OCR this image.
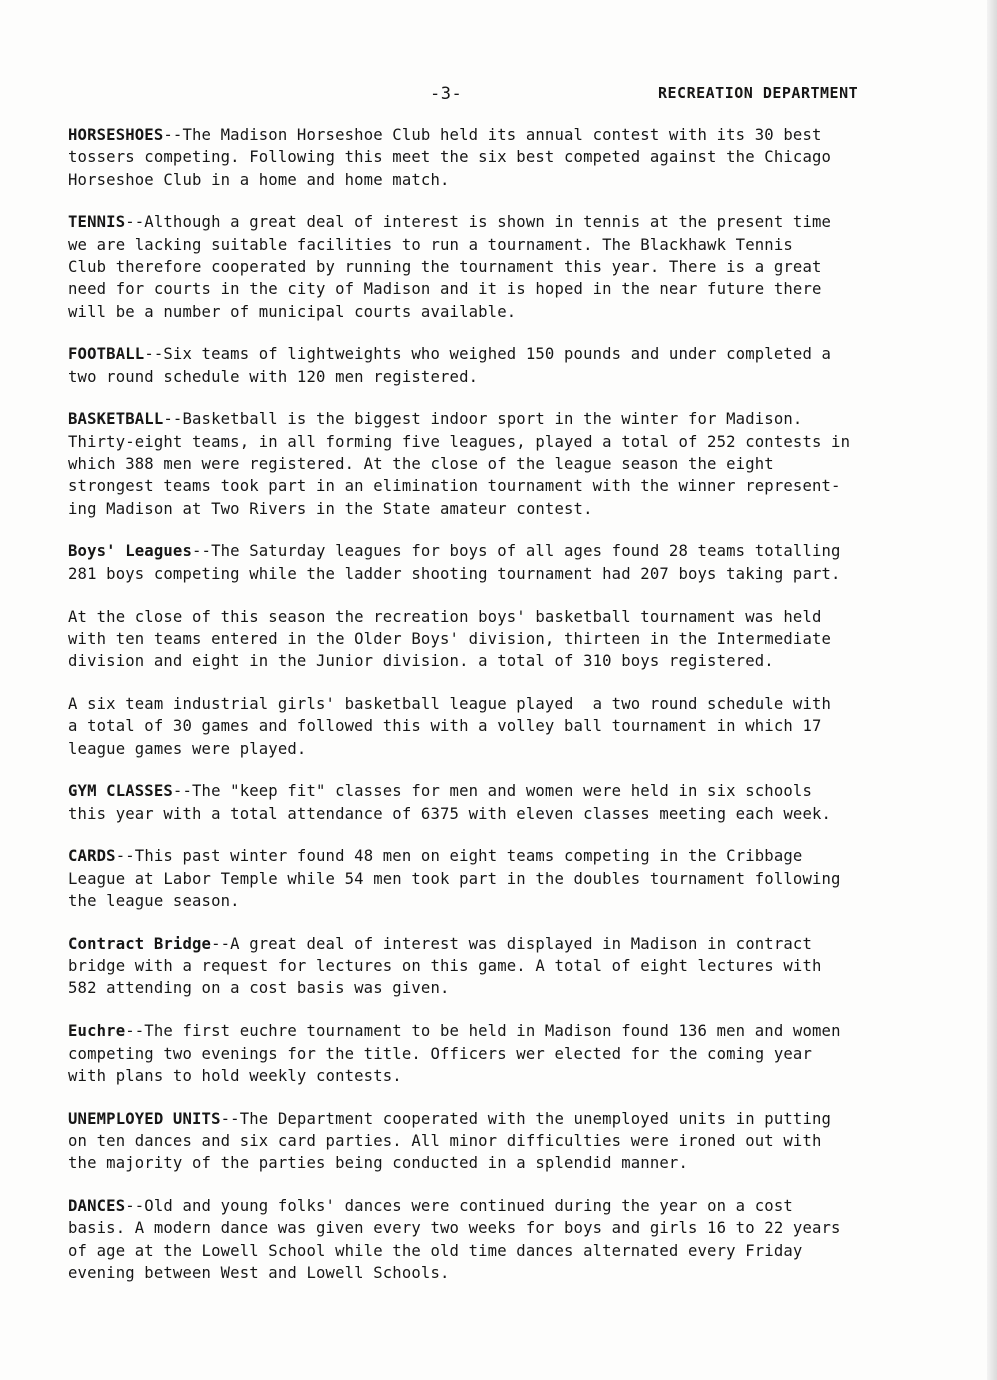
-3-	RECREATION DEPARTMENT

HORSESHOES--The Madison Horseshoe Club held its annual contest with its 30 best
tossers competing. Following this meet the six best competed against the Chicago
Horseshoe Club in a home and home match.

TENNIS--Although a great deal of interest is shown in tennis at the present time
we are lacking suitable facilities to run a tournament. The Blackhawk Tennis
Club therefore cooperated by running the tournament this year. There is a great
need for courts in the city of Madison and it is hoped in the near future there
will be a number of municipal courts available.

FOOTBALL--Six teams of lightweights who weighed 150 pounds and under completed a
two round schedule with 120 men registered.

BASKETBALL--Basketball is the biggest indoor sport in the winter for Madison.
Thirty-eight teams, in all forming five leagues, played a total of 252 contests in
which 388 men were registered. At the close of the league season the eight
strongest teams took part in an elimination tournament with the winner represent-
ing Madison at Two Rivers in the State amateur contest.

Boys' Leagues--The Saturday leagues for boys of all ages found 28 teams totalling
281 boys competing while the ladder shooting tournament had 207 boys taking part.

At the close of this season the recreation boys' basketball tournament was held
with ten teams entered in the Older Boys' division, thirteen in the Intermediate
division and eight in the Junior division. a total of 310 boys registered.

A six team industrial girls' basketball league played  a two round schedule with
a total of 30 games and followed this with a volley ball tournament in which 17
league games were played.

GYM CLASSES--The "keep fit" classes for men and women were held in six schools
this year with a total attendance of 6375 with eleven classes meeting each week.

CARDS--This past winter found 48 men on eight teams competing in the Cribbage
League at Labor Temple while 54 men took part in the doubles tournament following
the league season.

Contract Bridge--A great deal of interest was displayed in Madison in contract
bridge with a request for lectures on this game. A total of eight lectures with
582 attending on a cost basis was given.

Euchre--The first euchre tournament to be held in Madison found 136 men and women
competing two evenings for the title. Officers wer elected for the coming year
with plans to hold weekly contests.

UNEMPLOYED UNITS--The Department cooperated with the unemployed units in putting
on ten dances and six card parties. All minor difficulties were ironed out with
the majority of the parties being conducted in a splendid manner.

DANCES--Old and young folks' dances were continued during the year on a cost
basis. A modern dance was given every two weeks for boys and girls 16 to 22 years
of age at the Lowell School while the old time dances alternated every Friday
evening between West and Lowell Schools.
